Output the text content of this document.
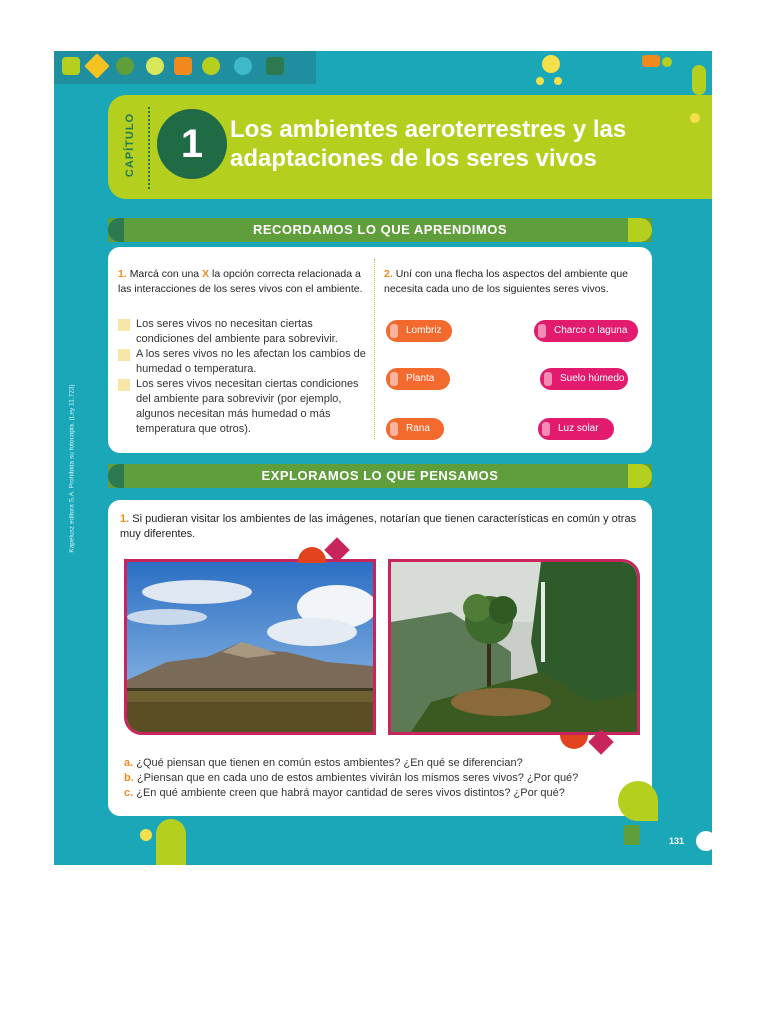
CAPÍTULO	1	Los ambientes aeroterrestres y las adaptaciones de los seres vivos
RECORDAMOS LO QUE APRENDIMOS
1. Marcá con una X la opción correcta relacionada a las interacciones de los seres vivos con el ambiente.
Los seres vivos no necesitan ciertas condiciones del ambiente para sobrevivir.
A los seres vivos no les afectan los cambios de humedad o temperatura.
Los seres vivos necesitan ciertas condiciones del ambiente para sobrevivir (por ejemplo, algunos necesitan más humedad o más temperatura que otros).
2. Uní con una flecha los aspectos del ambiente que necesita cada uno de los siguientes seres vivos.
Lombriz
Planta
Rana
Charco o laguna
Suelo húmedo
Luz solar
EXPLORAMOS LO QUE PENSAMOS
1. Si pudieran visitar los ambientes de las imágenes, notarían que tienen características en común y otras muy diferentes.
a. ¿Qué piensan que tienen en común estos ambientes? ¿En qué se diferencian?
b. ¿Piensan que en cada uno de estos ambientes vivirán los mismos seres vivos? ¿Por qué?
c. ¿En qué ambiente creen que habrá mayor cantidad de seres vivos distintos? ¿Por qué?
Kapelusz editora S.A. Prohibida su fotocopia. (Ley 11.723)
131
